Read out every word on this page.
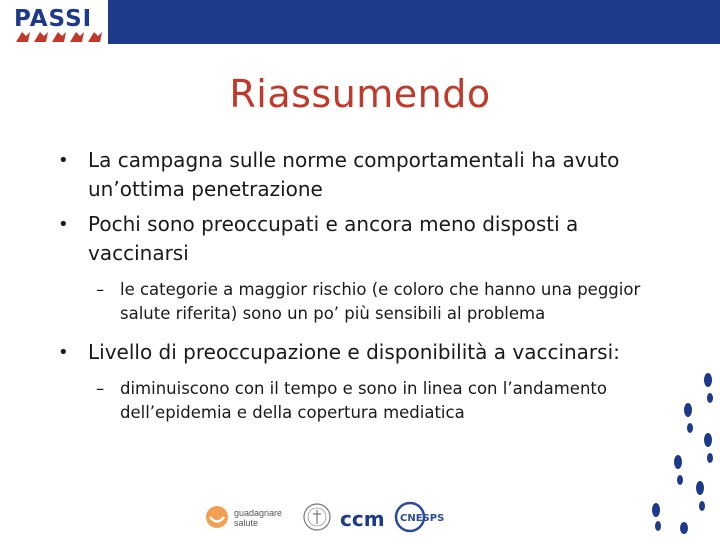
PASSI
Riassumendo
• La campagna sulle norme comportamentali ha avuto un’ottima penetrazione
• Pochi sono preoccupati e ancora meno disposti a vaccinarsi
– le categorie a maggior rischio (e coloro che hanno una peggior salute riferita) sono un po’ più sensibili al problema
• Livello di preoccupazione e disponibilità a vaccinarsi:
– diminuiscono con il tempo e sono in linea con l’andamento dell’epidemia e della copertura mediatica
guadagnare
salute	ccm CNESPS
